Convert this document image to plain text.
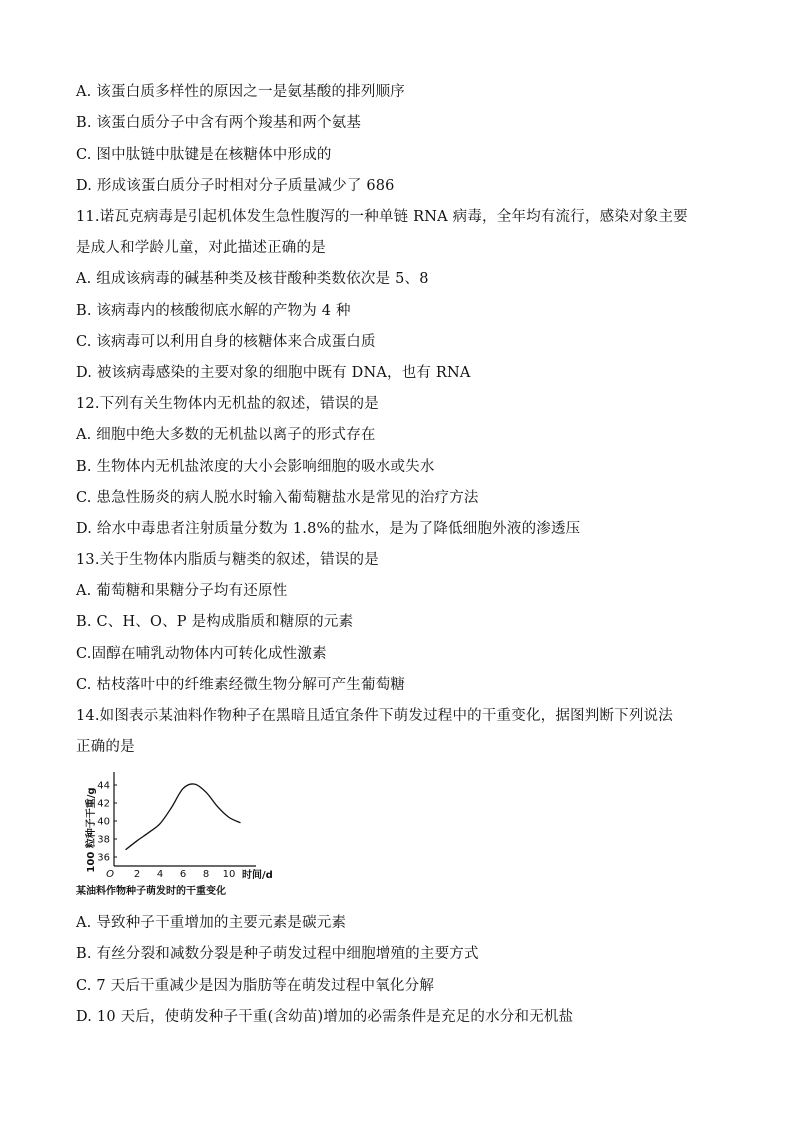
A. 该蛋白质多样性的原因之一是氨基酸的排列顺序
B. 该蛋白质分子中含有两个羧基和两个氨基
C. 图中肽链中肽键是在核糖体中形成的
D. 形成该蛋白质分子时相对分子质量减少了 686
11.诺瓦克病毒是引起机体发生急性腹泻的一种单链 RNA 病毒，全年均有流行，感染对象主要
是成人和学龄儿童，对此描述正确的是
A. 组成该病毒的碱基种类及核苷酸种类数依次是 5、8
B. 该病毒内的核酸彻底水解的产物为 4 种
C. 该病毒可以利用自身的核糖体来合成蛋白质
D. 被该病毒感染的主要对象的细胞中既有 DNA，也有 RNA
12.下列有关生物体内无机盐的叙述，错误的是
A. 细胞中绝大多数的无机盐以离子的形式存在
B. 生物体内无机盐浓度的大小会影响细胞的吸水或失水
C. 患急性肠炎的病人脱水时输入葡萄糖盐水是常见的治疗方法
D. 给水中毒患者注射质量分数为 1.8%的盐水，是为了降低细胞外液的渗透压
13.关于生物体内脂质与糖类的叙述，错误的是
A. 葡萄糖和果糖分子均有还原性
B. C、H、O、P 是构成脂质和糖原的元素
C.固醇在哺乳动物体内可转化成性激素
C. 枯枝落叶中的纤维素经微生物分解可产生葡萄糖
14.如图表示某油料作物种子在黑暗且适宜条件下萌发过程中的干重变化，据图判断下列说法
正确的是
100 粒种子干重/g 36
38
40
42
44
O 2 4 6 8 10 时间/d
某油料作物种子萌发时的干重变化
A. 导致种子干重增加的主要元素是碳元素
B. 有丝分裂和减数分裂是种子萌发过程中细胞增殖的主要方式
C. 7 天后干重减少是因为脂肪等在萌发过程中氧化分解
D. 10 天后，使萌发种子干重(含幼苗)增加的必需条件是充足的水分和无机盐
